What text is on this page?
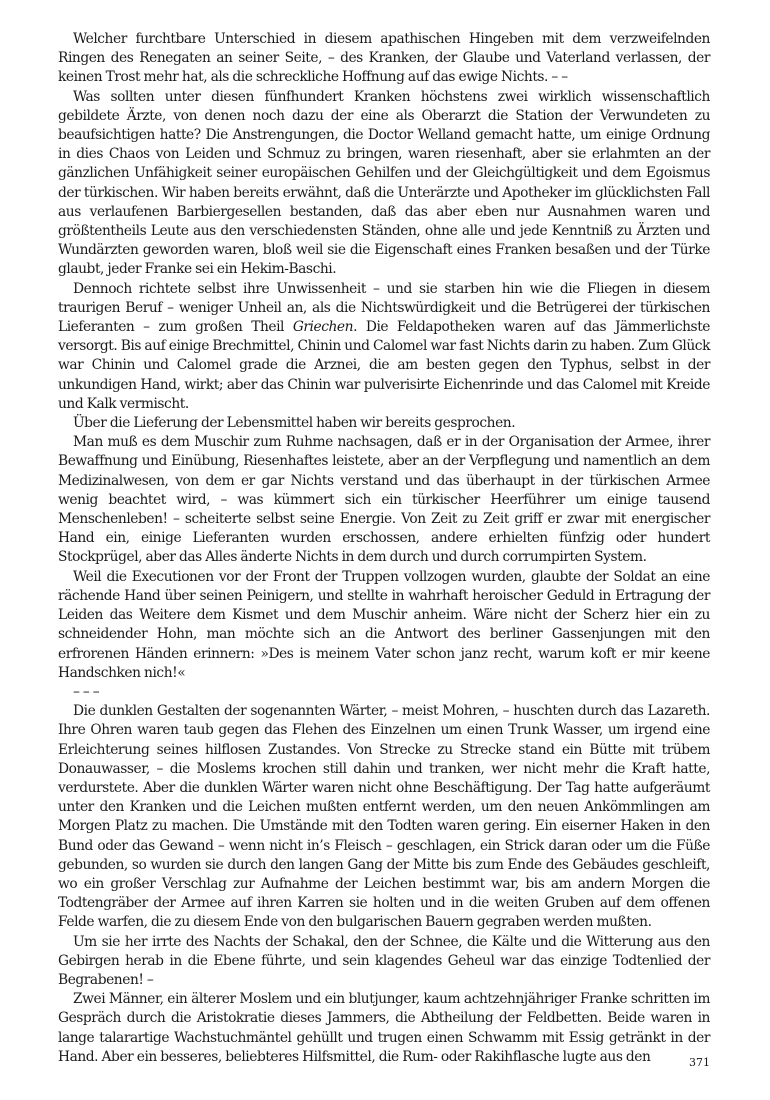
Welcher furchtbare Unterschied in diesem apathischen Hingeben mit dem verzweifelnden Ringen des Renegaten an seiner Seite, – des Kranken, der Glaube und Vaterland verlassen, der keinen Trost mehr hat, als die schreckliche Hoffnung auf das ewige Nichts. – –

Was sollten unter diesen fünfhundert Kranken höchstens zwei wirklich wissenschaftlich gebildete Ärzte, von denen noch dazu der eine als Oberarzt die Station der Verwundeten zu beaufsichtigen hatte? Die Anstrengungen, die Doctor Welland gemacht hatte, um einige Ordnung in dies Chaos von Leiden und Schmuz zu bringen, waren riesenhaft, aber sie erlahmten an der gänzlichen Unfähigkeit seiner europäischen Gehilfen und der Gleichgültigkeit und dem Egoismus der türkischen. Wir haben bereits erwähnt, daß die Unterärzte und Apotheker im glücklichsten Fall aus verlaufenen Barbiergesellen bestanden, daß das aber eben nur Ausnahmen waren und größtentheils Leute aus den verschiedensten Ständen, ohne alle und jede Kenntniß zu Ärzten und Wundärzten geworden waren, bloß weil sie die Eigenschaft eines Franken besaßen und der Türke glaubt, jeder Franke sei ein Hekim-Baschi.

Dennoch richtete selbst ihre Unwissenheit – und sie starben hin wie die Fliegen in diesem traurigen Beruf – weniger Unheil an, als die Nichtswürdigkeit und die Betrügerei der türkischen Lieferanten – zum großen Theil Griechen. Die Feldapotheken waren auf das Jämmerlichste versorgt. Bis auf einige Brechmittel, Chinin und Calomel war fast Nichts darin zu haben. Zum Glück war Chinin und Calomel grade die Arznei, die am besten gegen den Typhus, selbst in der unkundigen Hand, wirkt; aber das Chinin war pulverisirte Eichenrinde und das Calomel mit Kreide und Kalk vermischt.

Über die Lieferung der Lebensmittel haben wir bereits gesprochen.

Man muß es dem Muschir zum Ruhme nachsagen, daß er in der Organisation der Armee, ihrer Bewaffnung und Einübung, Riesenhaftes leistete, aber an der Verpflegung und namentlich an dem Medizinalwesen, von dem er gar Nichts verstand und das überhaupt in der türkischen Armee wenig beachtet wird, – was kümmert sich ein türkischer Heerführer um einige tausend Menschenleben! – scheiterte selbst seine Energie. Von Zeit zu Zeit griff er zwar mit energischer Hand ein, einige Lieferanten wurden erschossen, andere erhielten fünfzig oder hundert Stockprügel, aber das Alles änderte Nichts in dem durch und durch corrumpirten System.

Weil die Executionen vor der Front der Truppen vollzogen wurden, glaubte der Soldat an eine rächende Hand über seinen Peinigern, und stellte in wahrhaft heroischer Geduld in Ertragung der Leiden das Weitere dem Kismet und dem Muschir anheim. Wäre nicht der Scherz hier ein zu schneidender Hohn, man möchte sich an die Antwort des berliner Gassenjungen mit den erfrorenen Händen erinnern: »Des is meinem Vater schon janz recht, warum koft er mir keene Handschken nich!«

– – –

Die dunklen Gestalten der sogenannten Wärter, – meist Mohren, – huschten durch das Lazareth. Ihre Ohren waren taub gegen das Flehen des Einzelnen um einen Trunk Wasser, um irgend eine Erleichterung seines hilflosen Zustandes. Von Strecke zu Strecke stand ein Bütte mit trübem Donauwasser, – die Moslems krochen still dahin und tranken, wer nicht mehr die Kraft hatte, verdurstete. Aber die dunklen Wärter waren nicht ohne Beschäftigung. Der Tag hatte aufgeräumt unter den Kranken und die Leichen mußten entfernt werden, um den neuen Ankömmlingen am Morgen Platz zu machen. Die Umstände mit den Todten waren gering. Ein eiserner Haken in den Bund oder das Gewand – wenn nicht in’s Fleisch – geschlagen, ein Strick daran oder um die Füße gebunden, so wurden sie durch den langen Gang der Mitte bis zum Ende des Gebäudes geschleift, wo ein großer Verschlag zur Aufnahme der Leichen bestimmt war, bis am andern Morgen die Todtengräber der Armee auf ihren Karren sie holten und in die weiten Gruben auf dem offenen Felde warfen, die zu diesem Ende von den bulgarischen Bauern gegraben werden mußten.

Um sie her irrte des Nachts der Schakal, den der Schnee, die Kälte und die Witterung aus den Gebirgen herab in die Ebene führte, und sein klagendes Geheul war das einzige Todtenlied der Begrabenen! –

Zwei Männer, ein älterer Moslem und ein blutjunger, kaum achtzehnjähriger Franke schritten im Gespräch durch die Aristokratie dieses Jammers, die Abtheilung der Feldbetten. Beide waren in lange talarartige Wachstuchmäntel gehüllt und trugen einen Schwamm mit Essig getränkt in der Hand. Aber ein besseres, beliebteres Hilfsmittel, die Rum- oder Rakihflasche lugte aus den	371
